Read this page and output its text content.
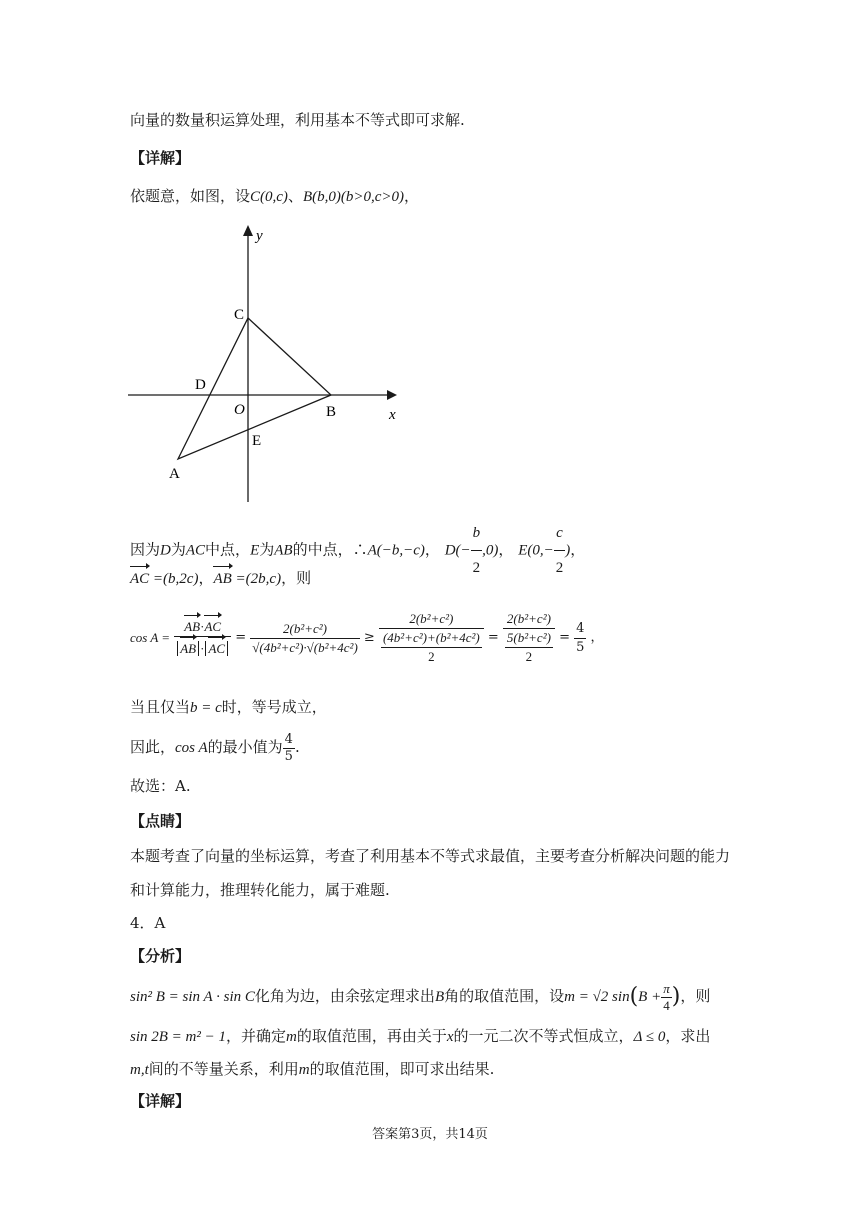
向量的数量积运算处理，利用基本不等式即可求解.
【详解】
依题意，如图，设C(0,c)、B(b,0)(b>0,c>0)，
y
x
O
C
B
D
E
A
因为D为AC中点，E为AB的中点，∴A(−b,−c)， $D(- \frac{b}{2} ,0)$， $E(0,- \frac{c}{2}$ )，
AC =(b,2c)，AB =(2b,c)，则
$\cos A = \frac{AB\cdot AC}{AB \cdot AC} = \frac{\text{2(b²+c²)}}{\text{√(4b²+c²)·√(b²+4c²)}} \ge 2(b^2+c^2)$
(4b²+c²)+(b²+4c²)
2 = 2(b²+c²)
5(b²+c²)
$2 = \frac{4}{5}$ ，
当且仅当b = c时，等号成立，
因此，cos A的最小值为 $\frac{4}{5}$ .
故选：A.
【点睛】
本题考查了向量的坐标运算，考查了利用基本不等式求最值，主要考查分析解决问题的能力
和计算能力，推理转化能力，属于难题.
4．A
【分析】
sin² B = sin A · sin C化角为边，由余弦定理求出B角的取值范围，设m = √2 $\sin(B + \frac{\pi}{4}$ )，则
sin 2B = m² − 1，并确定m的取值范围，再由关于x的一元二次不等式恒成立，Δ ≤ 0，求出
m,t间的不等量关系，利用m的取值范围，即可求出结果.
【详解】
答案第3页，共14页
